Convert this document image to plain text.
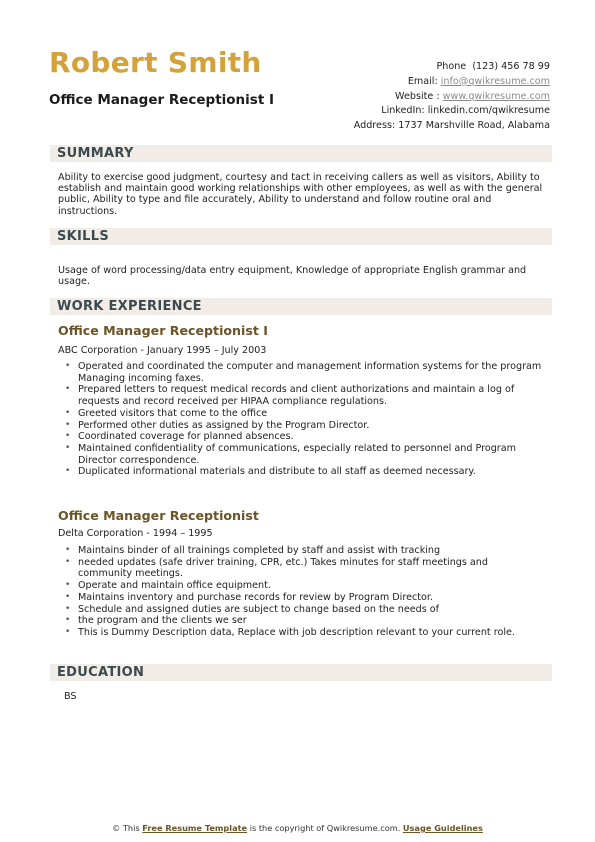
Robert Smith
Office Manager Receptionist I
Phone (123) 456 78 99
Email: info@qwikresume.com
Website : www.qwikresume.com
LinkedIn: linkedin.com/qwikresume
Address: 1737 Marshville Road, Alabama
SUMMARY
Ability to exercise good judgment, courtesy and tact in receiving callers as well as visitors, Ability to establish and maintain good working relationships with other employees, as well as with the general public, Ability to type and file accurately, Ability to understand and follow routine oral and instructions.
SKILLS
Usage of word processing/data entry equipment, Knowledge of appropriate English grammar and usage.
WORK EXPERIENCE
Office Manager Receptionist I
ABC Corporation - January 1995 – July 2003
• Operated and coordinated the computer and management information systems for the program Managing incoming faxes.
• Prepared letters to request medical records and client authorizations and maintain a log of requests and record received per HIPAA compliance regulations.
• Greeted visitors that come to the office
• Performed other duties as assigned by the Program Director.
• Coordinated coverage for planned absences.
• Maintained confidentiality of communications, especially related to personnel and Program Director correspondence.
• Duplicated informational materials and distribute to all staff as deemed necessary.
Office Manager Receptionist
Delta Corporation - 1994 – 1995
• Maintains binder of all trainings completed by staff and assist with tracking
• needed updates (safe driver training, CPR, etc.) Takes minutes for staff meetings and community meetings.
• Operate and maintain office equipment.
• Maintains inventory and purchase records for review by Program Director.
• Schedule and assigned duties are subject to change based on the needs of
• the program and the clients we ser
• This is Dummy Description data, Replace with job description relevant to your current role.
EDUCATION
BS
© This Free Resume Template is the copyright of Qwikresume.com. Usage Guidelines
